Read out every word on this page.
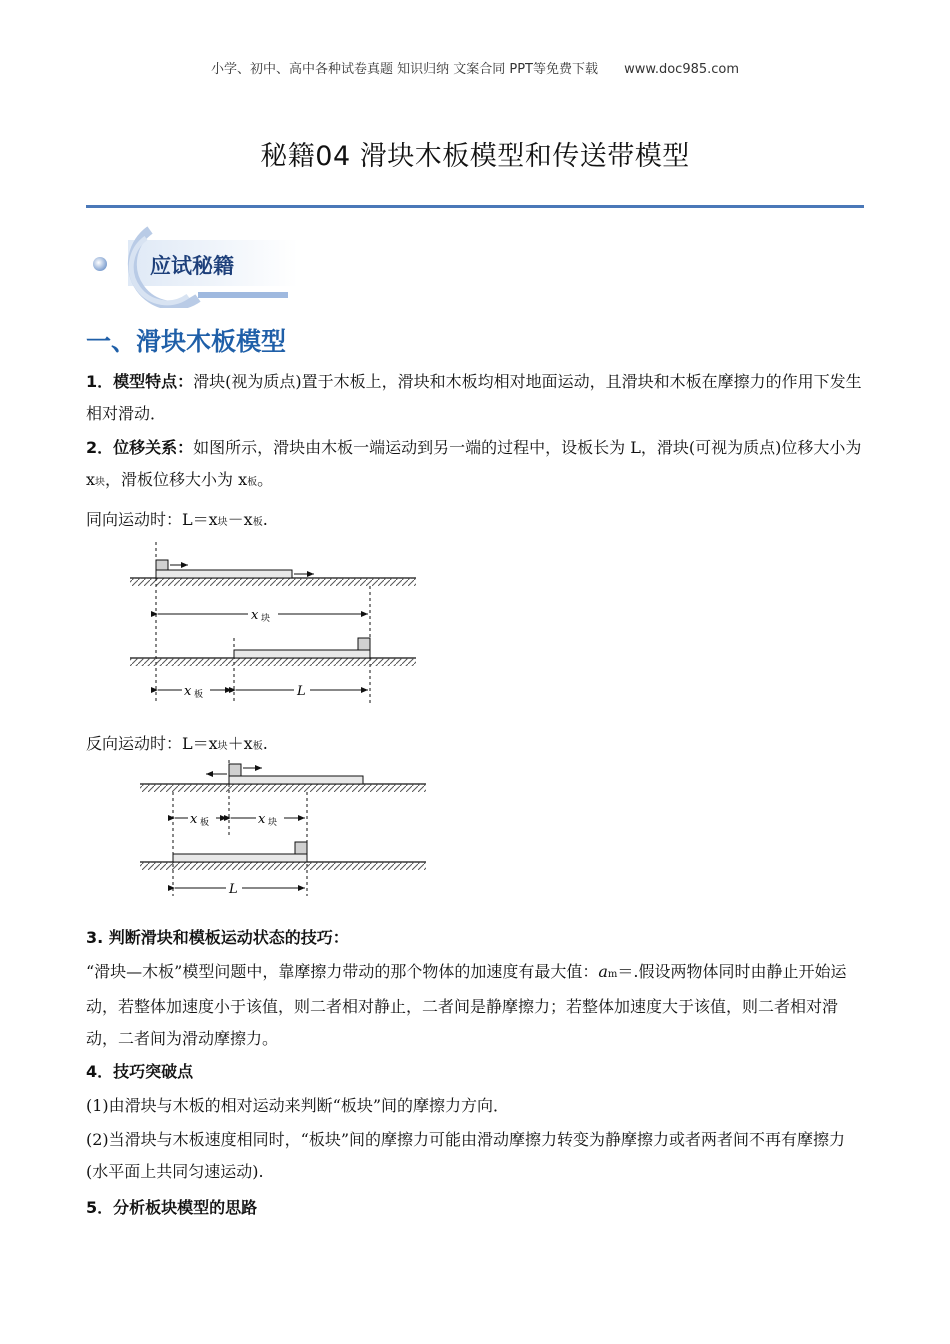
小学、初中、高中各种试卷真题 知识归纳 文案合同 PPT等免费下载 www.doc985.com
秘籍04 滑块木板模型和传送带模型
应试秘籍
一、滑块木板模型

1．模型特点：滑块(视为质点)置于木板上，滑块和木板均相对地面运动，且滑块和木板在摩擦力的作用下发生相对滑动．

2．位移关系：如图所示，滑块由木板一端运动到另一端的过程中，设板长为 L，滑块(可视为质点)位移大小为 x块，滑板位移大小为 x板。

同向运动时：L＝x块－x板.

x 块
x 板	L

反向运动时：L＝x块＋x板.

x 板	x 块
L

3. 判断滑块和模板运动状态的技巧：

“滑块—木板”模型问题中，靠摩擦力带动的那个物体的加速度有最大值：am＝.假设两物体同时由静止开始运动，若整体加速度小于该值，则二者相对静止，二者间是静摩擦力；若整体加速度大于该值，则二者相对滑动，二者间为滑动摩擦力。

4．技巧突破点

(1)由滑块与木板的相对运动来判断“板块”间的摩擦力方向．

(2)当滑块与木板速度相同时，“板块”间的摩擦力可能由滑动摩擦力转变为静摩擦力或者两者间不再有摩擦力(水平面上共同匀速运动).

5．分析板块模型的思路
